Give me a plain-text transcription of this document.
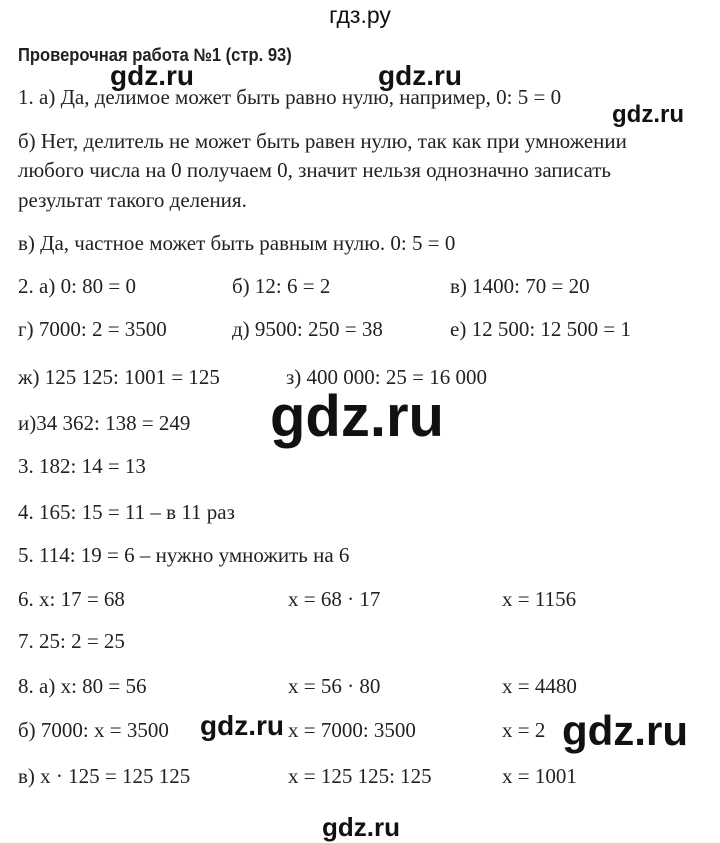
гдз.ру
Проверочная работа №1 (стр. 93)
1. а) Да, делимое может быть равно нулю, например, 0: 5 = 0
б) Нет, делитель не может быть равен нулю, так как при умножении
любого числа на 0 получаем 0, значит нельзя однозначно записать
результат такого деления.
в) Да, частное может быть равным нулю. 0: 5 = 0
2. а) 0: 80 = 0	б) 12: 6 = 2	в) 1400: 70 = 20
г) 7000: 2 = 3500	д) 9500: 250 = 38	е) 12 500: 12 500 = 1
ж) 125 125: 1001 = 125	з) 400 000: 25 = 16 000
и)34 362: 138 = 249
3. 182: 14 = 13
4. 165: 15 = 11 – в 11 раз
5. 114: 19 = 6 – нужно умножить на 6
6. x: 17 = 68	x = 68 · 17	x = 1156
7. 25: 2 = 25
8. а) x: 80 = 56	x = 56 · 80	x = 4480
б) 7000: x = 3500	x = 7000: 3500	x = 2
в) x · 125 = 125 125	x = 125 125: 125	x = 1001
gdz.ru	gdz.ru
gdz.ru
gdz.ru
gdz.ru	gdz.ru
gdz.ru
